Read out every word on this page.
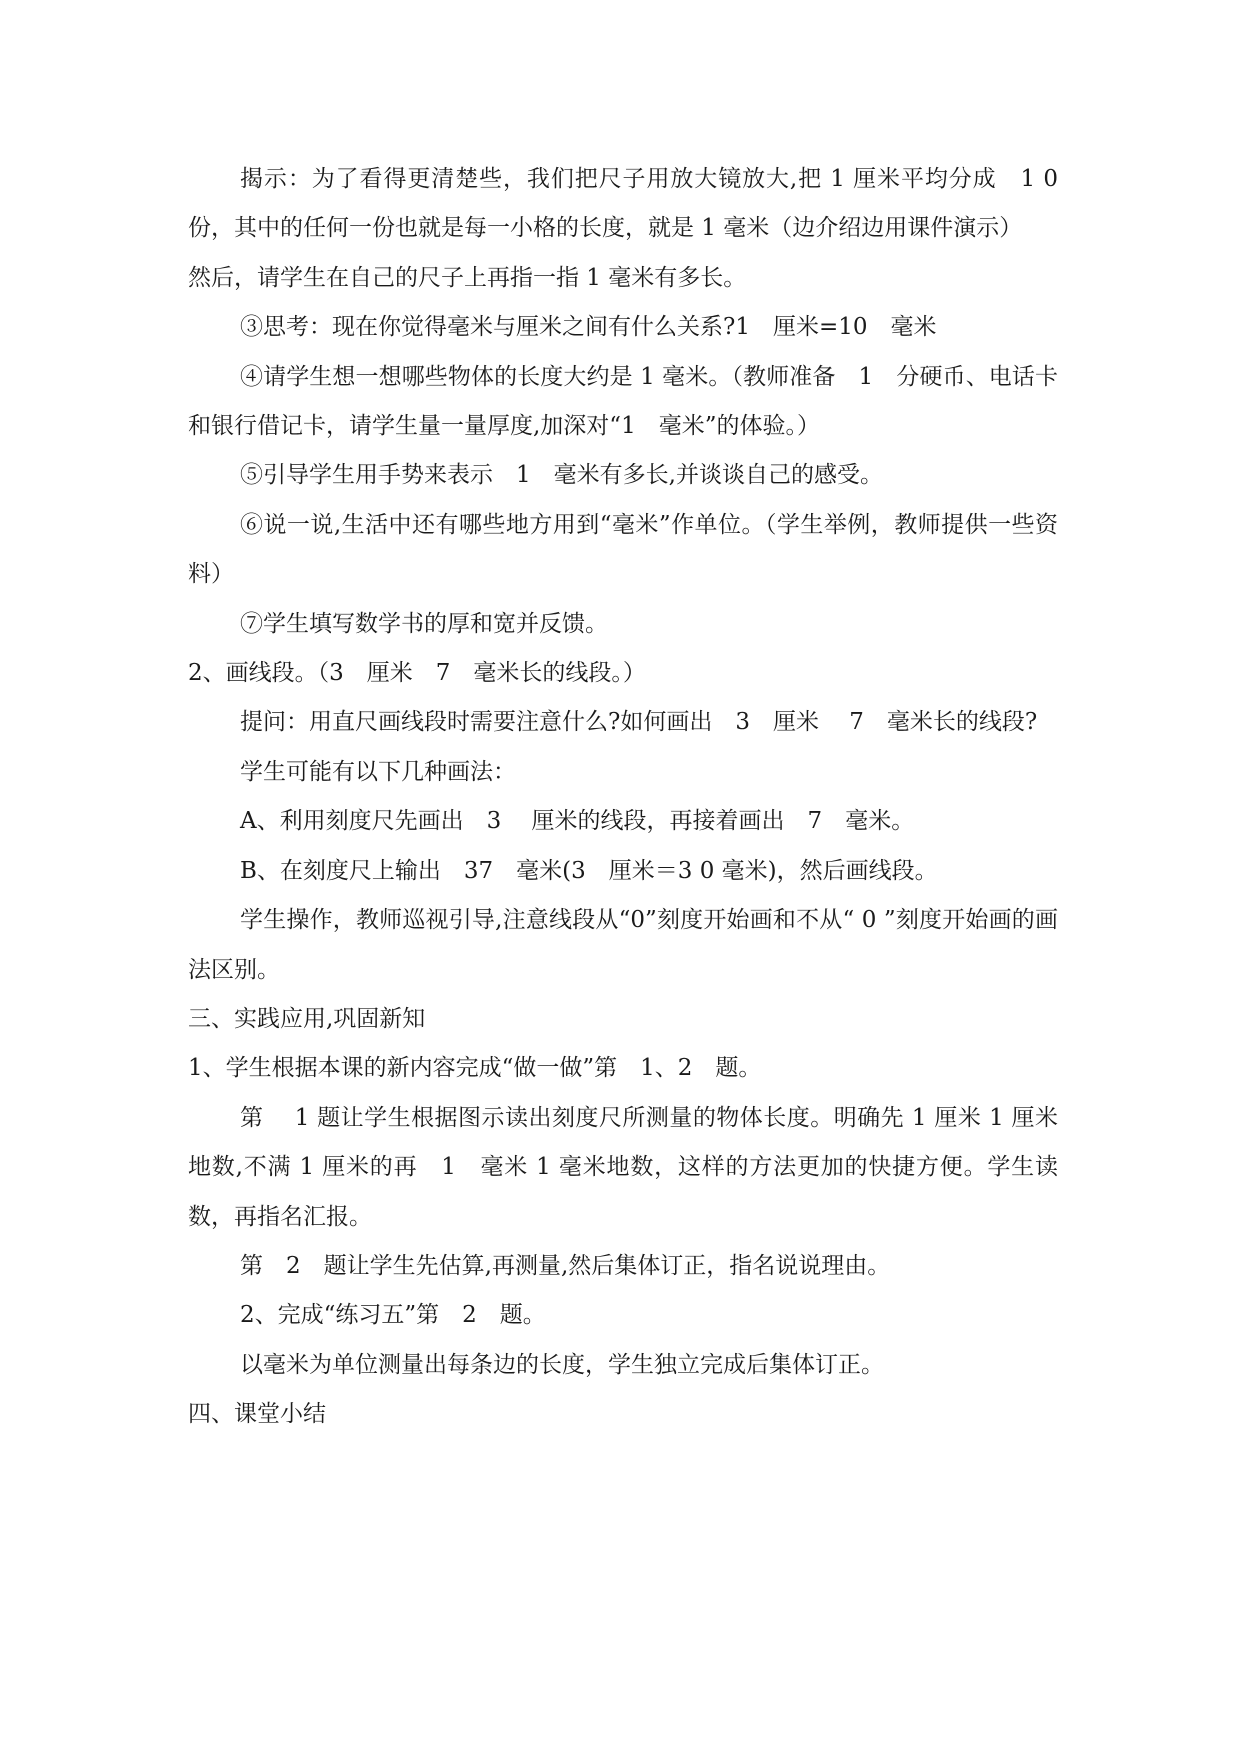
揭示：为了看得更清楚些，我们把尺子用放大镜放大,把 1 厘米平均分成　1 0　份，其中的任何一份也就是每一小格的长度，就是 1 毫米（边介绍边用课件演示）

然后，请学生在自己的尺子上再指一指 1 毫米有多长。

③思考：现在你觉得毫米与厘米之间有什么关系?1　厘米=10　毫米

④请学生想一想哪些物体的长度大约是 1 毫米。（教师准备　1　分硬币、电话卡和银行借记卡，请学生量一量厚度,加深对“1　毫米”的体验。）

⑤引导学生用手势来表示　1　毫米有多长,并谈谈自己的感受。

⑥说一说,生活中还有哪些地方用到“毫米”作单位。（学生举例，教师提供一些资料）

⑦学生填写数学书的厚和宽并反馈。

2、画线段。（3　厘米　7　毫米长的线段。）

提问：用直尺画线段时需要注意什么?如何画出　3　厘米　 7　毫米长的线段?

学生可能有以下几种画法：

A、利用刻度尺先画出　3　 厘米的线段，再接着画出　7　毫米。

B、在刻度尺上输出　37　毫米(3　厘米＝3 0 毫米)，然后画线段。

学生操作，教师巡视引导,注意线段从“0”刻度开始画和不从“ 0 ”刻度开始画的画法区别。

三、实践应用,巩固新知

1、学生根据本课的新内容完成“做一做”第　1、2　题。

第　 1 题让学生根据图示读出刻度尺所测量的物体长度。明确先 1 厘米 1 厘米地数,不满 1 厘米的再　1　毫米 1 毫米地数，这样的方法更加的快捷方便。学生读数，再指名汇报。

第　2　题让学生先估算,再测量,然后集体订正，指名说说理由。

2、完成“练习五”第　2　题。

以毫米为单位测量出每条边的长度，学生独立完成后集体订正。

四、课堂小结
